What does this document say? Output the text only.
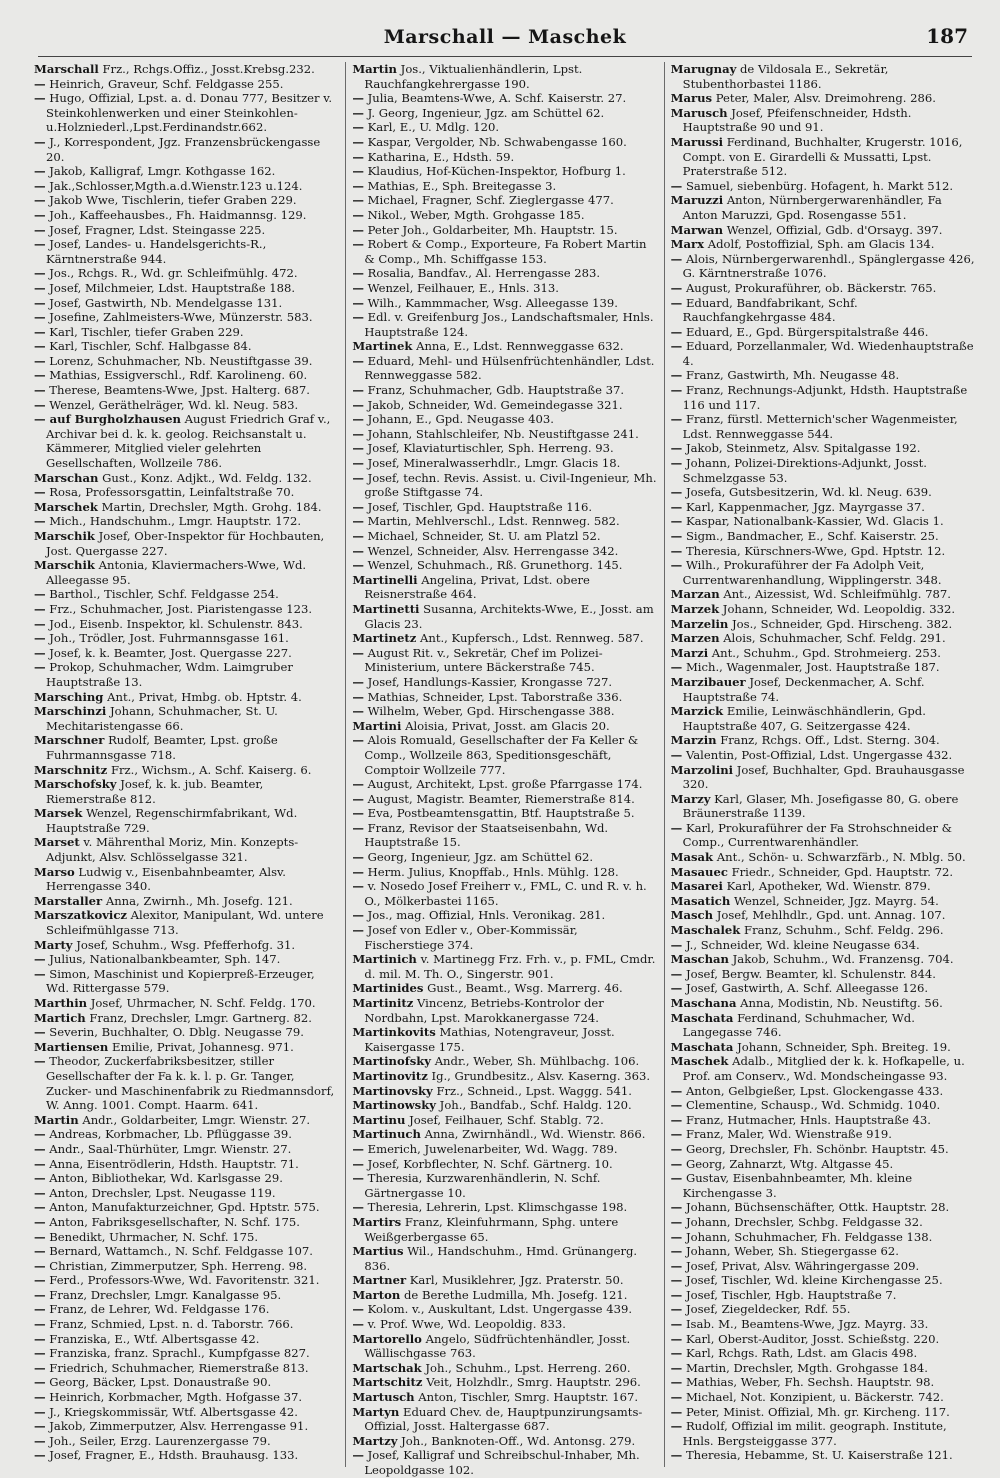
Marschall — Maschek	187

Marschall Frz., Rchgs.Offiz., Josst.Krebsg.232.

— Heinrich, Graveur, Schf. Feldgasse 255.

— Hugo, Offizial, Lpst. a. d. Donau 777, Besitzer v. Steinkohlenwerken und einer Steinkohlen-u.Holzniederl.,Lpst.Ferdinandstr.662.

— J., Korrespondent, Jgz. Franzensbrückengasse 20.

— Jakob, Kalligraf, Lmgr. Kothgasse 162.

— Jak.,Schlosser,Mgth.a.d.Wienstr.123 u.124.

— Jakob Wwe, Tischlerin, tiefer Graben 229.

— Joh., Kaffeehausbes., Fh. Haidmannsg. 129.

— Josef, Fragner, Ldst. Steingasse 225.

— Josef, Landes- u. Handelsgerichts-R., Kärntnerstraße 944.

— Jos., Rchgs. R., Wd. gr. Schleifmühlg. 472.

— Josef, Milchmeier, Ldst. Hauptstraße 188.

— Josef, Gastwirth, Nb. Mendelgasse 131.

— Josefine, Zahlmeisters-Wwe, Münzerstr. 583.

— Karl, Tischler, tiefer Graben 229.

— Karl, Tischler, Schf. Halbgasse 84.

— Lorenz, Schuhmacher, Nb. Neustiftgasse 39.

— Mathias, Essigverschl., Rdf. Karolineng. 60.

— Therese, Beamtens-Wwe, Jpst. Halterg. 687.

— Wenzel, Geräthelräger, Wd. kl. Neug. 583.

— auf Burgholzhausen August Friedrich Graf v., Archivar bei d. k. k. geolog. Reichsanstalt u. Kämmerer, Mitglied vieler gelehrten Gesellschaften, Wollzeile 786.

Marschan Gust., Konz. Adjkt., Wd. Feldg. 132.

— Rosa, Professorsgattin, Leinfaltstraße 70.

Marschek Martin, Drechsler, Mgth. Grohg. 184.

— Mich., Handschuhm., Lmgr. Hauptstr. 172.

Marschik Josef, Ober-Inspektor für Hochbauten, Jost. Quergasse 227.

Marschik Antonia, Klaviermachers-Wwe, Wd. Alleegasse 95.

— Barthol., Tischler, Schf. Feldgasse 254.

— Frz., Schuhmacher, Jost. Piaristengasse 123.

— Jod., Eisenb. Inspektor, kl. Schulenstr. 843.

— Joh., Trödler, Jost. Fuhrmannsgasse 161.

— Josef, k. k. Beamter, Jost. Quergasse 227.

— Prokop, Schuhmacher, Wdm. Laimgruber Hauptstraße 13.

Marsching Ant., Privat, Hmbg. ob. Hptstr. 4.

Marschinzi Johann, Schuhmacher, St. U. Mechitaristengasse 66.

Marschner Rudolf, Beamter, Lpst. große Fuhrmannsgasse 718.

Marschnitz Frz., Wichsm., A. Schf. Kaiserg. 6.

Marschofsky Josef, k. k. jub. Beamter, Riemerstraße 812.

Marsek Wenzel, Regenschirmfabrikant, Wd. Hauptstraße 729.

Marset v. Mährenthal Moriz, Min. Konzepts-Adjunkt, Alsv. Schlösselgasse 321.

Marso Ludwig v., Eisenbahnbeamter, Alsv. Herrengasse 340.

Marstaller Anna, Zwirnh., Mh. Josefg. 121.

Marszatkovicz Alexitor, Manipulant, Wd. untere Schleifmühlgasse 713.

Marty Josef, Schuhm., Wsg. Pfefferhofg. 31.

— Julius, Nationalbankbeamter, Sph. 147.

— Simon, Maschinist und Kopierpreß-Erzeuger, Wd. Rittergasse 579.

Marthin Josef, Uhrmacher, N. Schf. Feldg. 170.

Martich Franz, Drechsler, Lmgr. Gartnerg. 82.

— Severin, Buchhalter, O. Dblg. Neugasse 79.

Martiensen Emilie, Privat, Johannesg. 971.

— Theodor, Zuckerfabriksbesitzer, stiller Gesellschafter der Fa k. k. l. p. Gr. Tanger, Zucker- und Maschinenfabrik zu Riedmannsdorf, W. Anng. 1001. Compt. Haarm. 641.

Martin Andr., Goldarbeiter, Lmgr. Wienstr. 27.

— Andreas, Korbmacher, Lb. Pflüggasse 39.

— Andr., Saal-Thürhüter, Lmgr. Wienstr. 27.

— Anna, Eisentrödlerin, Hdsth. Hauptstr. 71.

— Anton, Bibliothekar, Wd. Karlsgasse 29.

— Anton, Drechsler, Lpst. Neugasse 119.

— Anton, Manufakturzeichner, Gpd. Hptstr. 575.

— Anton, Fabriksgesellschafter, N. Schf. 175.

— Benedikt, Uhrmacher, N. Schf. 175.

— Bernard, Wattamch., N. Schf. Feldgasse 107.

— Christian, Zimmerputzer, Sph. Herreng. 98.

— Ferd., Professors-Wwe, Wd. Favoritenstr. 321.

— Franz, Drechsler, Lmgr. Kanalgasse 95.

— Franz, de Lehrer, Wd. Feldgasse 176.

— Franz, Schmied, Lpst. n. d. Taborstr. 766.

— Franziska, E., Wtf. Albertsgasse 42.

— Franziska, franz. Sprachl., Kumpfgasse 827.

— Friedrich, Schuhmacher, Riemerstraße 813.

— Georg, Bäcker, Lpst. Donaustraße 90.

— Heinrich, Korbmacher, Mgth. Hofgasse 37.

— J., Kriegskommissär, Wtf. Albertsgasse 42.

— Jakob, Zimmerputzer, Alsv. Herrengasse 91.

— Joh., Seiler, Erzg. Laurenzergasse 79.

— Josef, Fragner, E., Hdsth. Brauhausg. 133.

Martin Jos., Viktualienhändlerin, Lpst. Rauchfangkehrergasse 190.

— Julia, Beamtens-Wwe, A. Schf. Kaiserstr. 27.

— J. Georg, Ingenieur, Jgz. am Schüttel 62.

— Karl, E., U. Mdlg. 120.

— Kaspar, Vergolder, Nb. Schwabengasse 160.

— Katharina, E., Hdsth. 59.

— Klaudius, Hof-Küchen-Inspektor, Hofburg 1.

— Mathias, E., Sph. Breitegasse 3.

— Michael, Fragner, Schf. Zieglergasse 477.

— Nikol., Weber, Mgth. Grohgasse 185.

— Peter Joh., Goldarbeiter, Mh. Hauptstr. 15.

— Robert & Comp., Exporteure, Fa Robert Martin & Comp., Mh. Schiffgasse 153.

— Rosalia, Bandfav., Al. Herrengasse 283.

— Wenzel, Feilhauer, E., Hnls. 313.

— Wilh., Kammmacher, Wsg. Alleegasse 139.

— Edl. v. Greifenburg Jos., Landschaftsmaler, Hnls. Hauptstraße 124.

Martinek Anna, E., Ldst. Rennweggasse 632.

— Eduard, Mehl- und Hülsenfrüchtenhändler, Ldst. Rennweggasse 582.

— Franz, Schuhmacher, Gdb. Hauptstraße 37.

— Jakob, Schneider, Wd. Gemeindegasse 321.

— Johann, E., Gpd. Neugasse 403.

— Johann, Stahlschleifer, Nb. Neustiftgasse 241.

— Josef, Klaviaturtischler, Sph. Herreng. 93.

— Josef, Mineralwasserhdlr., Lmgr. Glacis 18.

— Josef, techn. Revis. Assist. u. Civil-Ingenieur, Mh. große Stiftgasse 74.

— Josef, Tischler, Gpd. Hauptstraße 116.

— Martin, Mehlverschl., Ldst. Rennweg. 582.

— Michael, Schneider, St. U. am Platzl 52.

— Wenzel, Schneider, Alsv. Herrengasse 342.

— Wenzel, Schuhmach., Rß. Grunethorg. 145.

Martinelli Angelina, Privat, Ldst. obere Reisnerstraße 464.

Martinetti Susanna, Architekts-Wwe, E., Josst. am Glacis 23.

Martinetz Ant., Kupfersch., Ldst. Rennweg. 587.

— August Rit. v., Sekretär, Chef im Polizei-Ministerium, untere Bäckerstraße 745.

— Josef, Handlungs-Kassier, Krongasse 727.

— Mathias, Schneider, Lpst. Taborstraße 336.

— Wilhelm, Weber, Gpd. Hirschengasse 388.

Martini Aloisia, Privat, Josst. am Glacis 20.

— Alois Romuald, Gesellschafter der Fa Keller & Comp., Wollzeile 863, Speditionsgeschäft, Comptoir Wollzeile 777.

— August, Architekt, Lpst. große Pfarrgasse 174.

— August, Magistr. Beamter, Riemerstraße 814.

— Eva, Postbeamtensgattin, Btf. Hauptstraße 5.

— Franz, Revisor der Staatseisenbahn, Wd. Hauptstraße 15.

— Georg, Ingenieur, Jgz. am Schüttel 62.

— Herm. Julius, Knopffab., Hnls. Mühlg. 128.

— v. Nosedo Josef Freiherr v., FML, C. und R. v. h. O., Mölkerbastei 1165.

— Jos., mag. Offizial, Hnls. Veronikag. 281.

— Josef von Edler v., Ober-Kommissär, Fischerstiege 374.

Martinich v. Martinegg Frz. Frh. v., p. FML, Cmdr. d. mil. M. Th. O., Singerstr. 901.

Martinides Gust., Beamt., Wsg. Marrerg. 46.

Martinitz Vincenz, Betriebs-Kontrolor der Nordbahn, Lpst. Marokkanergasse 724.

Martinkovits Mathias, Notengraveur, Josst. Kaisergasse 175.

Martinofsky Andr., Weber, Sh. Mühlbachg. 106.

Martinovitz Ig., Grundbesitz., Alsv. Kaserng. 363.

Martinovsky Frz., Schneid., Lpst. Waggg. 541.

Martinowsky Joh., Bandfab., Schf. Haldg. 120.

Martinu Josef, Feilhauer, Schf. Stablg. 72.

Martinuch Anna, Zwirnhändl., Wd. Wienstr. 866.

— Emerich, Juwelenarbeiter, Wd. Wagg. 789.

— Josef, Korbflechter, N. Schf. Gärtnerg. 10.

— Theresia, Kurzwarenhändlerin, N. Schf. Gärtnergasse 10.

— Theresia, Lehrerin, Lpst. Klimschgasse 198.

Martirs Franz, Kleinfuhrmann, Sphg. untere Weißgerbergasse 65.

Martius Wil., Handschuhm., Hmd. Grünangerg. 836.

Martner Karl, Musiklehrer, Jgz. Praterstr. 50.

Marton de Berethe Ludmilla, Mh. Josefg. 121.

— Kolom. v., Auskultant, Ldst. Ungergasse 439.

— v. Prof. Wwe, Wd. Leopoldig. 833.

Martorello Angelo, Südfrüchtenhändler, Josst. Wällischgasse 763.

Martschak Joh., Schuhm., Lpst. Herreng. 260.

Martschitz Veit, Holzhdlr., Smrg. Hauptstr. 296.

Martusch Anton, Tischler, Smrg. Hauptstr. 167.

Martyn Eduard Chev. de, Hauptpunzirungsamts-Offizial, Josst. Haltergasse 687.

Martzy Joh., Banknoten-Off., Wd. Antonsg. 279.

— Josef, Kalligraf und Schreibschul-Inhaber, Mh. Leopoldgasse 102.

Marugnay de Vildosala E., Sekretär, Stubenthorbastei 1186.

Marus Peter, Maler, Alsv. Dreimohreng. 286.

Marusch Josef, Pfeifenschneider, Hdsth. Hauptstraße 90 und 91.

Marussi Ferdinand, Buchhalter, Krugerstr. 1016, Compt. von E. Girardelli & Mussatti, Lpst. Praterstraße 512.

— Samuel, siebenbürg. Hofagent, h. Markt 512.

Maruzzi Anton, Nürnbergerwarenhändler, Fa Anton Maruzzi, Gpd. Rosengasse 551.

Marwan Wenzel, Offizial, Gdb. d'Orsayg. 397.

Marx Adolf, Postoffizial, Sph. am Glacis 134.

— Alois, Nürnbergerwarenhdl., Spänglergasse 426, G. Kärntnerstraße 1076.

— August, Prokuraführer, ob. Bäckerstr. 765.

— Eduard, Bandfabrikant, Schf. Rauchfangkehrgasse 484.

— Eduard, E., Gpd. Bürgerspitalstraße 446.

— Eduard, Porzellanmaler, Wd. Wiedenhauptstraße 4.

— Franz, Gastwirth, Mh. Neugasse 48.

— Franz, Rechnungs-Adjunkt, Hdsth. Hauptstraße 116 und 117.

— Franz, fürstl. Metternich'scher Wagenmeister, Ldst. Rennweggasse 544.

— Jakob, Steinmetz, Alsv. Spitalgasse 192.

— Johann, Polizei-Direktions-Adjunkt, Josst. Schmelzgasse 53.

— Josefa, Gutsbesitzerin, Wd. kl. Neug. 639.

— Karl, Kappenmacher, Jgz. Mayrgasse 37.

— Kaspar, Nationalbank-Kassier, Wd. Glacis 1.

— Sigm., Bandmacher, E., Schf. Kaiserstr. 25.

— Theresia, Kürschners-Wwe, Gpd. Hptstr. 12.

— Wilh., Prokuraführer der Fa Adolph Veit, Currentwarenhandlung, Wipplingerstr. 348.

Marzan Ant., Aizessist, Wd. Schleifmühlg. 787.

Marzek Johann, Schneider, Wd. Leopoldig. 332.

Marzelin Jos., Schneider, Gpd. Hirscheng. 382.

Marzen Alois, Schuhmacher, Schf. Feldg. 291.

Marzi Ant., Schuhm., Gpd. Strohmeierg. 253.

— Mich., Wagenmaler, Jost. Hauptstraße 187.

Marzibauer Josef, Deckenmacher, A. Schf. Hauptstraße 74.

Marzick Emilie, Leinwäschhändlerin, Gpd. Hauptstraße 407, G. Seitzergasse 424.

Marzin Franz, Rchgs. Off., Ldst. Sterng. 304.

— Valentin, Post-Offizial, Ldst. Ungergasse 432.

Marzolini Josef, Buchhalter, Gpd. Brauhausgasse 320.

Marzy Karl, Glaser, Mh. Josefigasse 80, G. obere Bräunerstraße 1139.

— Karl, Prokuraführer der Fa Strohschneider & Comp., Currentwarenhändler.

Masak Ant., Schön- u. Schwarzfärb., N. Mblg. 50.

Masauec Friedr., Schneider, Gpd. Hauptstr. 72.

Masarei Karl, Apotheker, Wd. Wienstr. 879.

Masatich Wenzel, Schneider, Jgz. Mayrg. 54.

Masch Josef, Mehlhdlr., Gpd. unt. Annag. 107.

Maschalek Franz, Schuhm., Schf. Feldg. 296.

— J., Schneider, Wd. kleine Neugasse 634.

Maschan Jakob, Schuhm., Wd. Franzensg. 704.

— Josef, Bergw. Beamter, kl. Schulenstr. 844.

— Josef, Gastwirth, A. Schf. Alleegasse 126.

Maschana Anna, Modistin, Nb. Neustiftg. 56.

Maschata Ferdinand, Schuhmacher, Wd. Langegasse 746.

Maschata Johann, Schneider, Sph. Breiteg. 19.

Maschek Adalb., Mitglied der k. k. Hofkapelle, u. Prof. am Conserv., Wd. Mondscheingasse 93.

— Anton, Gelbgießer, Lpst. Glockengasse 433.

— Clementine, Schausp., Wd. Schmidg. 1040.

— Franz, Hutmacher, Hnls. Hauptstraße 43.

— Franz, Maler, Wd. Wienstraße 919.

— Georg, Drechsler, Fh. Schönbr. Hauptstr. 45.

— Georg, Zahnarzt, Wtg. Altgasse 45.

— Gustav, Eisenbahnbeamter, Mh. kleine Kirchengasse 3.

— Johann, Büchsenschäfter, Ottk. Hauptstr. 28.

— Johann, Drechsler, Schbg. Feldgasse 32.

— Johann, Schuhmacher, Fh. Feldgasse 138.

— Johann, Weber, Sh. Stiegergasse 62.

— Josef, Privat, Alsv. Währingergasse 209.

— Josef, Tischler, Wd. kleine Kirchengasse 25.

— Josef, Tischler, Hgb. Hauptstraße 7.

— Josef, Ziegeldecker, Rdf. 55.

— Isab. M., Beamtens-Wwe, Jgz. Mayrg. 33.

— Karl, Oberst-Auditor, Josst. Schießstg. 220.

— Karl, Rchgs. Rath, Ldst. am Glacis 498.

— Martin, Drechsler, Mgth. Grohgasse 184.

— Mathias, Weber, Fh. Sechsh. Hauptstr. 98.

— Michael, Not. Konzipient, u. Bäckerstr. 742.

— Peter, Minist. Offizial, Mh. gr. Kircheng. 117.

— Rudolf, Offizial im milit. geograph. Institute, Hnls. Bergsteiggasse 377.

— Theresia, Hebamme, St. U. Kaiserstraße 121.
